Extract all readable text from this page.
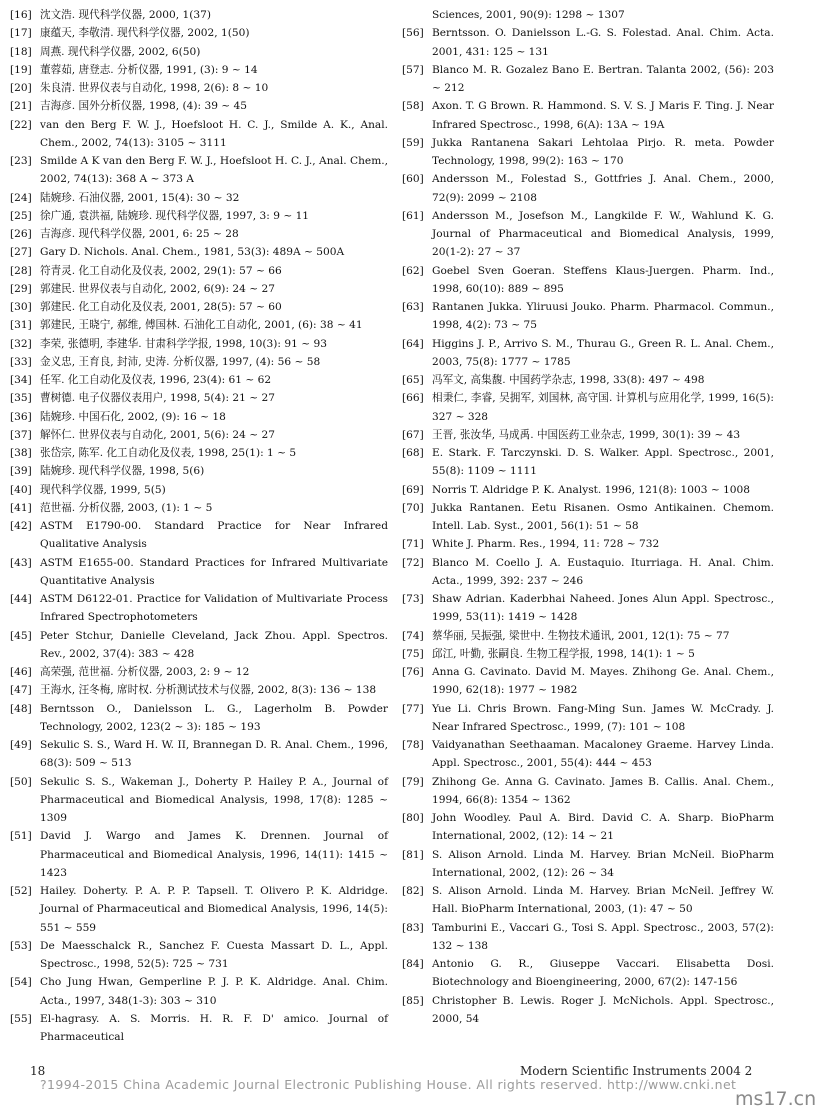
[16] 沈文浩. 现代科学仪器, 2000, 1(37)
[17] 康蕴天, 李敬清. 现代科学仪器, 2002, 1(50)
[18] 周燕. 现代科学仪器, 2002, 6(50)
[19] 董蓉茹, 唐登志. 分析仪器, 1991, (3): 9 ~ 14
[20] 朱良清. 世界仪表与自动化, 1998, 2(6): 8 ~ 10
[21] 吉海彦. 国外分析仪器, 1998, (4): 39 ~ 45
[22] van den Berg F. W. J., Hoefsloot H. C. J., Smilde A. K., Anal. Chem., 2002, 74(13): 3105 ~ 3111
[23] Smilde A K van den Berg F. W. J., Hoefsloot H. C. J., Anal. Chem., 2002, 74(13): 368 A ~ 373 A
[24] 陆婉珍. 石油仪器, 2001, 15(4): 30 ~ 32
[25] 徐广通, 袁洪福, 陆婉珍. 现代科学仪器, 1997, 3: 9 ~ 11
[26] 吉海彦. 现代科学仪器, 2001, 6: 25 ~ 28
[27] Gary D. Nichols. Anal. Chem., 1981, 53(3): 489A ~ 500A
[28] 符青灵. 化工自动化及仪表, 2002, 29(1): 57 ~ 66
[29] 郭建民. 世界仪表与自动化, 2002, 6(9): 24 ~ 27
[30] 郭建民. 化工自动化及仪表, 2001, 28(5): 57 ~ 60
[31] 郭建民, 王晓宁, 郝维, 傅国林. 石油化工自动化, 2001, (6): 38 ~ 41
[32] 李荣, 张德明, 李建华. 甘肃科学学报, 1998, 10(3): 91 ~ 93
[33] 金义忠, 王育良, 封沛, 史涛. 分析仪器, 1997, (4): 56 ~ 58
[34] 任军. 化工自动化及仪表, 1996, 23(4): 61 ~ 62
[35] 曹树德. 电子仪器仪表用户, 1998, 5(4): 21 ~ 27
[36] 陆婉珍. 中国石化, 2002, (9): 16 ~ 18
[37] 解怀仁. 世界仪表与自动化, 2001, 5(6): 24 ~ 27
[38] 张岱宗, 陈军. 化工自动化及仪表, 1998, 25(1): 1 ~ 5
[39] 陆婉珍. 现代科学仪器, 1998, 5(6)
[40] 现代科学仪器, 1999, 5(5)
[41] 范世福. 分析仪器, 2003, (1): 1 ~ 5
[42] ASTM E1790-00. Standard Practice for Near Infrared Qualitative Analysis
[43] ASTM E1655-00. Standard Practices for Infrared Multivariate Quantitative Analysis
[44] ASTM D6122-01. Practice for Validation of Multivariate Process Infrared Spectrophotometers
[45] Peter Stchur, Danielle Cleveland, Jack Zhou. Appl. Spectros. Rev., 2002, 37(4): 383 ~ 428
[46] 高荣强, 范世福. 分析仪器, 2003, 2: 9 ~ 12
[47] 王海水, 汪冬梅, 席时权. 分析测试技术与仪器, 2002, 8(3): 136 ~ 138
[48] Berntsson O., Danielsson L. G., Lagerholm B. Powder Technology, 2002, 123(2 ~ 3): 185 ~ 193
[49] Sekulic S. S., Ward H. W. II, Brannegan D. R. Anal. Chem., 1996, 68(3): 509 ~ 513
[50] Sekulic S. S., Wakeman J., Doherty P. Hailey P. A., Journal of Pharmaceutical and Biomedical Analysis, 1998, 17(8): 1285 ~ 1309
[51] David J. Wargo and James K. Drennen. Journal of Pharmaceutical and Biomedical Analysis, 1996, 14(11): 1415 ~ 1423
[52] Hailey. Doherty. P. A. P. P. Tapsell. T. Olivero P. K. Aldridge. Journal of Pharmaceutical and Biomedical Analysis, 1996, 14(5): 551 ~ 559
[53] De Maesschalck R., Sanchez F. Cuesta Massart D. L., Appl. Spectrosc., 1998, 52(5): 725 ~ 731
[54] Cho Jung Hwan, Gemperline P. J. P. K. Aldridge. Anal. Chim. Acta., 1997, 348(1-3): 303 ~ 310
[55] El-hagrasy. A. S. Morris. H. R. F. D' amico. Journal of Pharmaceutical
Sciences, 2001, 90(9): 1298 ~ 1307
[56] Berntsson. O. Danielsson L.-G. S. Folestad. Anal. Chim. Acta. 2001, 431: 125 ~ 131
[57] Blanco M. R. Gozalez Bano E. Bertran. Talanta 2002, (56): 203 ~ 212
[58] Axon. T. G Brown. R. Hammond. S. V. S. J Maris F. Ting. J. Near Infrared Spectrosc., 1998, 6(A): 13A ~ 19A
[59] Jukka Rantanena Sakari Lehtolaa Pirjo. R. meta. Powder Technology, 1998, 99(2): 163 ~ 170
[60] Andersson M., Folestad S., Gottfries J. Anal. Chem., 2000, 72(9): 2099 ~ 2108
[61] Andersson M., Josefson M., Langkilde F. W., Wahlund K. G. Journal of Pharmaceutical and Biomedical Analysis, 1999, 20(1-2): 27 ~ 37
[62] Goebel Sven Goeran. Steffens Klaus-Juergen. Pharm. Ind., 1998, 60(10): 889 ~ 895
[63] Rantanen Jukka. Yliruusi Jouko. Pharm. Pharmacol. Commun., 1998, 4(2): 73 ~ 75
[64] Higgins J. P., Arrivo S. M., Thurau G., Green R. L. Anal. Chem., 2003, 75(8): 1777 ~ 1785
[65] 冯军文, 高集馥. 中国药学杂志, 1998, 33(8): 497 ~ 498
[66] 相秉仁, 李睿, 吴拥军, 刘国林, 高守国. 计算机与应用化学, 1999, 16(5): 327 ~ 328
[67] 王晋, 张汝华, 马成禹. 中国医药工业杂志, 1999, 30(1): 39 ~ 43
[68] E. Stark. F. Tarczynski. D. S. Walker. Appl. Spectrosc., 2001, 55(8): 1109 ~ 1111
[69] Norris T. Aldridge P. K. Analyst. 1996, 121(8): 1003 ~ 1008
[70] Jukka Rantanen. Eetu Risanen. Osmo Antikainen. Chemom. Intell. Lab. Syst., 2001, 56(1): 51 ~ 58
[71] White J. Pharm. Res., 1994, 11: 728 ~ 732
[72] Blanco M. Coello J. A. Eustaquio. Iturriaga. H. Anal. Chim. Acta., 1999, 392: 237 ~ 246
[73] Shaw Adrian. Kaderbhai Naheed. Jones Alun Appl. Spectrosc., 1999, 53(11): 1419 ~ 1428
[74] 蔡华丽, 吴振强, 梁世中. 生物技术通讯, 2001, 12(1): 75 ~ 77
[75] 邱江, 叶勤, 张嗣良. 生物工程学报, 1998, 14(1): 1 ~ 5
[76] Anna G. Cavinato. David M. Mayes. Zhihong Ge. Anal. Chem., 1990, 62(18): 1977 ~ 1982
[77] Yue Li. Chris Brown. Fang-Ming Sun. James W. McCrady. J. Near Infrared Spectrosc., 1999, (7): 101 ~ 108
[78] Vaidyanathan Seethaaman. Macaloney Graeme. Harvey Linda. Appl. Spectrosc., 2001, 55(4): 444 ~ 453
[79] Zhihong Ge. Anna G. Cavinato. James B. Callis. Anal. Chem., 1994, 66(8): 1354 ~ 1362
[80] John Woodley. Paul A. Bird. David C. A. Sharp. BioPharm International, 2002, (12): 14 ~ 21
[81] S. Alison Arnold. Linda M. Harvey. Brian McNeil. BioPharm International, 2002, (12): 26 ~ 34
[82] S. Alison Arnold. Linda M. Harvey. Brian McNeil. Jeffrey W. Hall. BioPharm International, 2003, (1): 47 ~ 50
[83] Tamburini E., Vaccari G., Tosi S. Appl. Spectrosc., 2003, 57(2): 132 ~ 138
[84] Antonio G. R., Giuseppe Vaccari. Elisabetta Dosi. Biotechnology and Bioengineering, 2000, 67(2): 147-156
[85] Christopher B. Lewis. Roger J. McNichols. Appl. Spectrosc., 2000, 54
18	Modern Scientific Instruments 2004 2
?1994-2015 China Academic Journal Electronic Publishing House. All rights reserved. http://www.cnki.net
ms17.cn
